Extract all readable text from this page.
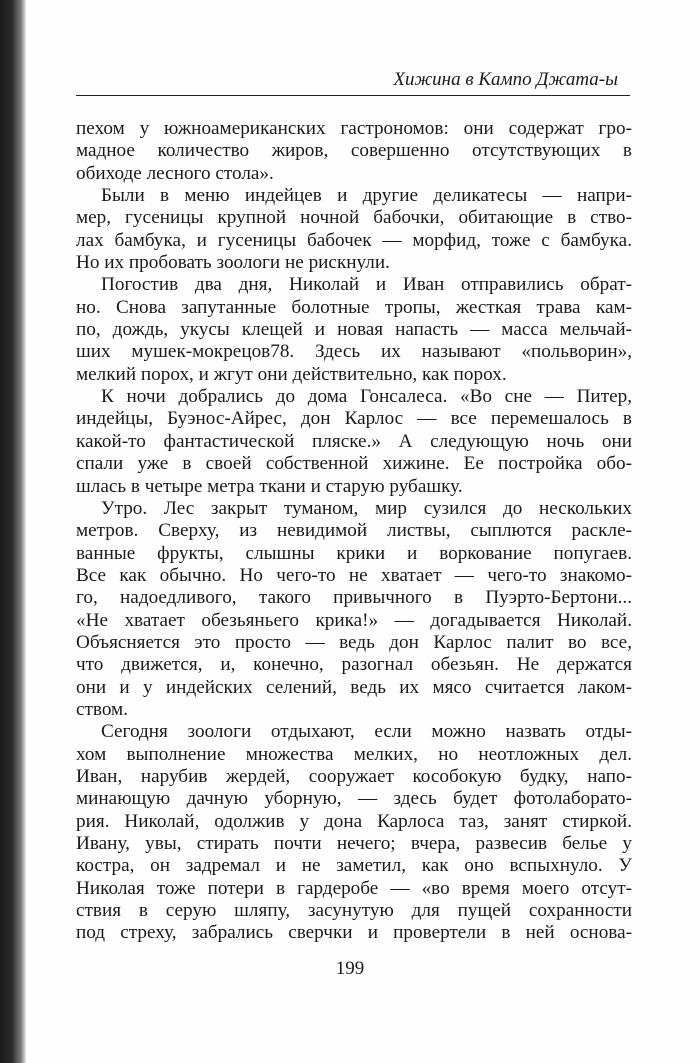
Хижина в Кампо Джата-ы
пехом у южноамериканских гастрономов: они содержат гро-
мадное количество жиров, совершенно отсутствующих в
обиходе лесного стола».
Были в меню индейцев и другие деликатесы — напри-
мер, гусеницы крупной ночной бабочки, обитающие в ство-
лах бамбука, и гусеницы бабочек — морфид, тоже с бамбука.
Но их пробовать зоологи не рискнули.
Погостив два дня, Николай и Иван отправились обрат-
но. Снова запутанные болотные тропы, жесткая трава кам-
по, дождь, укусы клещей и новая напасть — масса мельчай-
ших мушек-мокрецов78. Здесь их называют «польворин»,
мелкий порох, и жгут они действительно, как порох.
К ночи добрались до дома Гонсалеса. «Во сне — Питер,
индейцы, Буэнос-Айрес, дон Карлос — все перемешалось в
какой-то фантастической пляске.» А следующую ночь они
спали уже в своей собственной хижине. Ее постройка обо-
шлась в четыре метра ткани и старую рубашку.
Утро. Лес закрыт туманом, мир сузился до нескольких
метров. Сверху, из невидимой листвы, сыплются раскле-
ванные фрукты, слышны крики и воркование попугаев.
Все как обычно. Но чего-то не хватает — чего-то знакомо-
го, надоедливого, такого привычного в Пуэрто-Бертони...
«Не хватает обезьяньего крика!» — догадывается Николай.
Объясняется это просто — ведь дон Карлос палит во все,
что движется, и, конечно, разогнал обезьян. Не держатся
они и у индейских селений, ведь их мясо считается лаком-
ством.
Сегодня зоологи отдыхают, если можно назвать отды-
хом выполнение множества мелких, но неотложных дел.
Иван, нарубив жердей, сооружает кособокую будку, напо-
минающую дачную уборную, — здесь будет фотолаборато-
рия. Николай, одолжив у дона Карлоса таз, занят стиркой.
Ивану, увы, стирать почти нечего; вчера, развесив белье у
костра, он задремал и не заметил, как оно вспыхнуло. У
Николая тоже потери в гардеробе — «во время моего отсут-
ствия в серую шляпу, засунутую для пущей сохранности
под стреху, забрались сверчки и провертели в ней основа-
199
